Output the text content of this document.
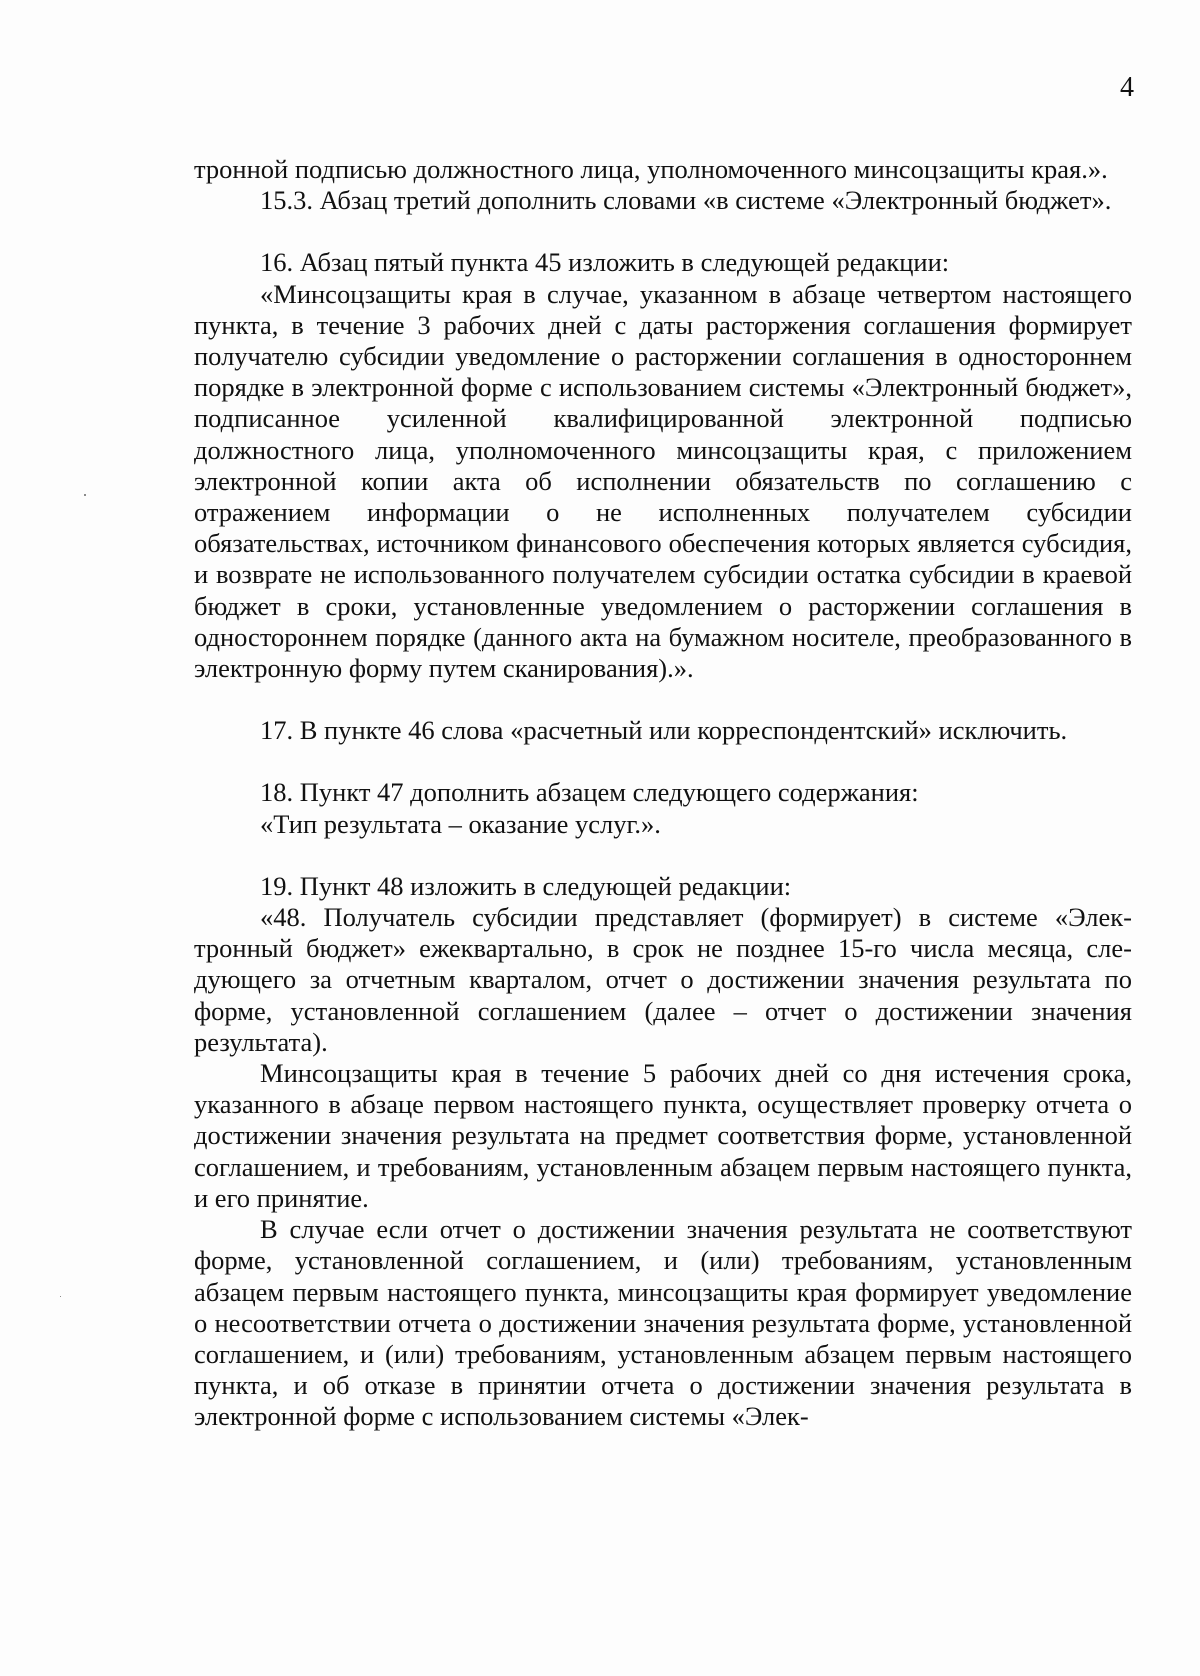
4

тронной подписью должностного лица, уполномоченного минсоцзащиты края.».

15.3. Абзац третий дополнить словами «в системе «Электронный бюджет».

16. Абзац пятый пункта 45 изложить в следующей редакции:

«Минсоцзащиты края в случае, указанном в абзаце четвертом настоящего пункта, в течение 3 рабочих дней с даты расторжения соглашения формирует получателю субсидии уведомление о расторжении соглашения в одностороннем порядке в электронной форме с использованием системы «Электронный бюджет», подписанное усиленной квалифицированной электронной подписью должностного лица, уполномоченного минсоцзащиты края, с приложением электронной копии акта об исполнении обязательств по соглашению с отражением информации о не исполненных получателем субсидии обязательствах, источником финансового обеспечения которых является субсидия, и возврате не использованного получателем субсидии остатка субсидии в краевой бюджет в сроки, установленные уведомлением о расторжении соглашения в одностороннем порядке (данного акта на бумажном носителе, преобразованного в электронную форму путем сканирования).».

17. В пункте 46 слова «расчетный или корреспондентский» исключить.

18. Пункт 47 дополнить абзацем следующего содержания:

«Тип результата – оказание услуг.».

19. Пункт 48 изложить в следующей редакции:

«48. Получатель субсидии представляет (формирует) в системе «Электронный бюджет» ежеквартально, в срок не позднее 15-го числа месяца, следующего за отчетным кварталом, отчет о достижении значения результата по форме, установленной соглашением (далее – отчет о достижении значения результата).

Минсоцзащиты края в течение 5 рабочих дней со дня истечения срока, указанного в абзаце первом настоящего пункта, осуществляет проверку отчета о достижении значения результата на предмет соответствия форме, установленной соглашением, и требованиям, установленным абзацем первым настоящего пункта, и его принятие.

В случае если отчет о достижении значения результата не соответствуют форме, установленной соглашением, и (или) требованиям, установленным абзацем первым настоящего пункта, минсоцзащиты края формирует уведомление о несоответствии отчета о достижении значения результата форме, установленной соглашением, и (или) требованиям, установленным абзацем первым настоящего пункта, и об отказе в принятии отчета о достижении значения результата в электронной форме с использованием системы «Элек-
